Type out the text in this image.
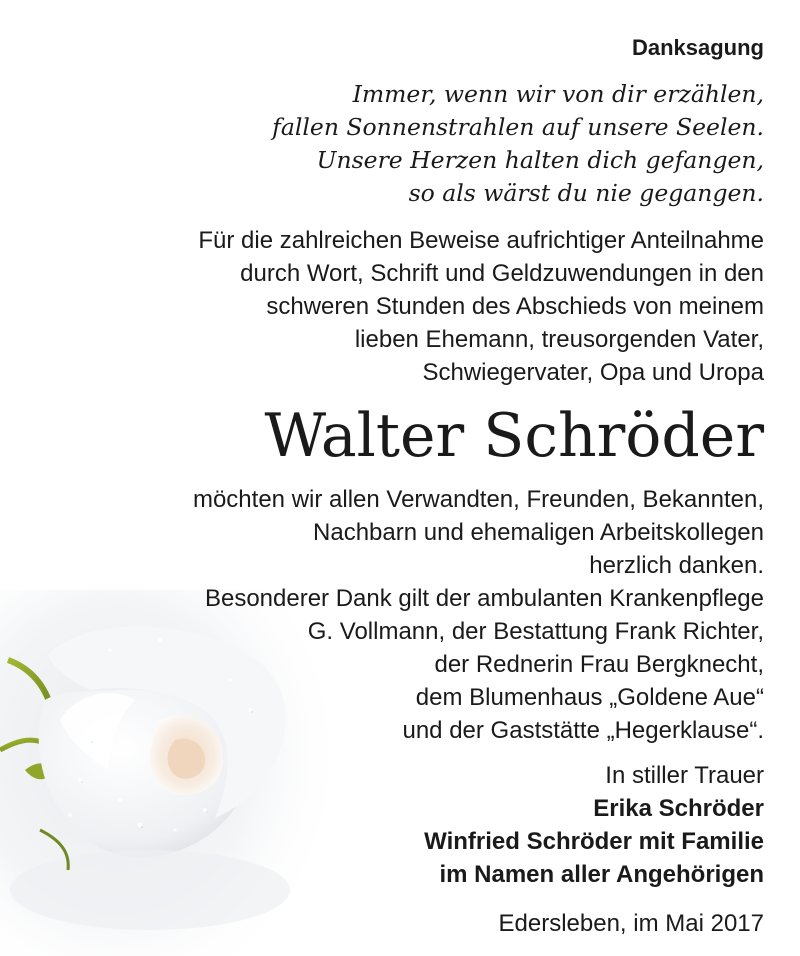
Danksagung
Immer, wenn wir von dir erzählen,
fallen Sonnenstrahlen auf unsere Seelen.
Unsere Herzen halten dich gefangen,
so als wärst du nie gegangen.
Für die zahlreichen Beweise aufrichtiger Anteilnahme
durch Wort, Schrift und Geldzuwendungen in den
schweren Stunden des Abschieds von meinem
lieben Ehemann, treusorgenden Vater,
Schwiegervater, Opa und Uropa
Walter Schröder
möchten wir allen Verwandten, Freunden, Bekannten,
Nachbarn und ehemaligen Arbeitskollegen
herzlich danken.
Besonderer Dank gilt der ambulanten Krankenpflege
G. Vollmann, der Bestattung Frank Richter,
der Rednerin Frau Bergknecht,
dem Blumenhaus „Goldene Aue“
und der Gaststätte „Hegerklause“.
In stiller Trauer
Erika Schröder
Winfried Schröder mit Familie
im Namen aller Angehörigen
Edersleben, im Mai 2017
